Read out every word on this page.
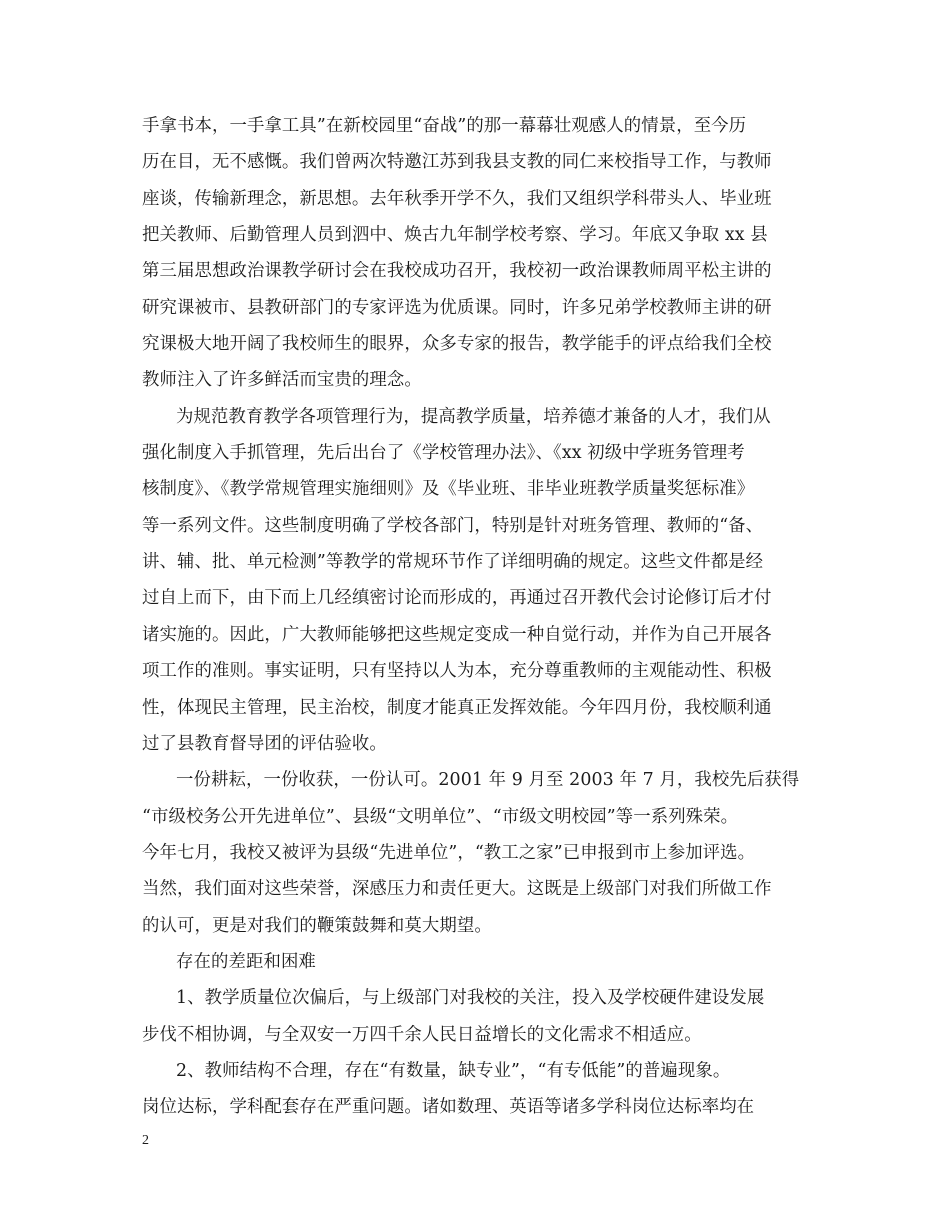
手拿书本，一手拿工具”在新校园里“奋战”的那一幕幕壮观感人的情景，至今历
历在目，无不感慨。我们曾两次特邀江苏到我县支教的同仁来校指导工作，与教师
座谈，传输新理念，新思想。去年秋季开学不久，我们又组织学科带头人、毕业班
把关教师、后勤管理人员到泗中、焕古九年制学校考察、学习。年底又争取 xx 县
第三届思想政治课教学研讨会在我校成功召开，我校初一政治课教师周平松主讲的
研究课被市、县教研部门的专家评选为优质课。同时，许多兄弟学校教师主讲的研
究课极大地开阔了我校师生的眼界，众多专家的报告，教学能手的评点给我们全校
教师注入了许多鲜活而宝贵的理念。
为规范教育教学各项管理行为，提高教学质量，培养德才兼备的人才，我们从
强化制度入手抓管理，先后出台了《学校管理办法》、《xx 初级中学班务管理考
核制度》、《教学常规管理实施细则》及《毕业班、非毕业班教学质量奖惩标准》
等一系列文件。这些制度明确了学校各部门，特别是针对班务管理、教师的“备、
讲、辅、批、单元检测”等教学的常规环节作了详细明确的规定。这些文件都是经
过自上而下，由下而上几经缜密讨论而形成的，再通过召开教代会讨论修订后才付
诸实施的。因此，广大教师能够把这些规定变成一种自觉行动，并作为自己开展各
项工作的准则。事实证明，只有坚持以人为本，充分尊重教师的主观能动性、积极
性，体现民主管理，民主治校，制度才能真正发挥效能。今年四月份，我校顺利通
过了县教育督导团的评估验收。
一份耕耘，一份收获，一份认可。2001 年 9 月至 2003 年 7 月，我校先后获得
“市级校务公开先进单位”、县级“文明单位”、“市级文明校园”等一系列殊荣。
今年七月，我校又被评为县级“先进单位”，“教工之家”已申报到市上参加评选。
当然，我们面对这些荣誉，深感压力和责任更大。这既是上级部门对我们所做工作
的认可，更是对我们的鞭策鼓舞和莫大期望。
存在的差距和困难
1、教学质量位次偏后，与上级部门对我校的关注，投入及学校硬件建设发展
步伐不相协调，与全双安一万四千余人民日益增长的文化需求不相适应。
2、教师结构不合理，存在“有数量，缺专业”，“有专低能”的普遍现象。
岗位达标，学科配套存在严重问题。诸如数理、英语等诸多学科岗位达标率均在
2
